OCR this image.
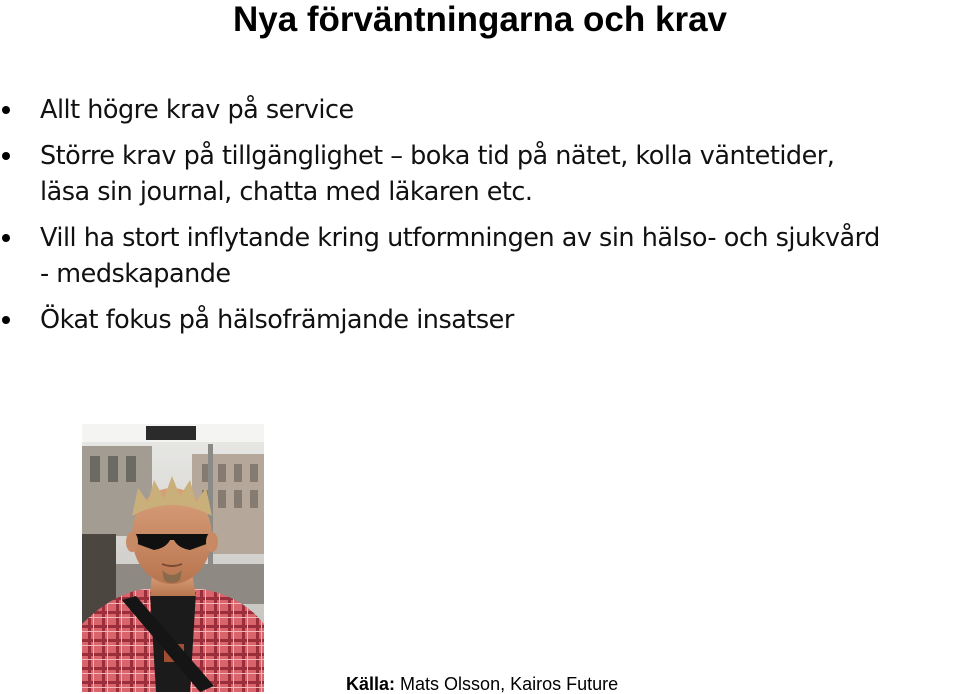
Nya förväntningarna och krav
Allt högre krav på service
Större krav på tillgänglighet – boka tid på nätet, kolla väntetider,
läsa sin journal, chatta med läkaren etc.
Vill ha stort inflytande kring utformningen av sin hälso- och sjukvård
- medskapande
Ökat fokus på hälsofrämjande insatser
Källa: Mats Olsson, Kairos Future
